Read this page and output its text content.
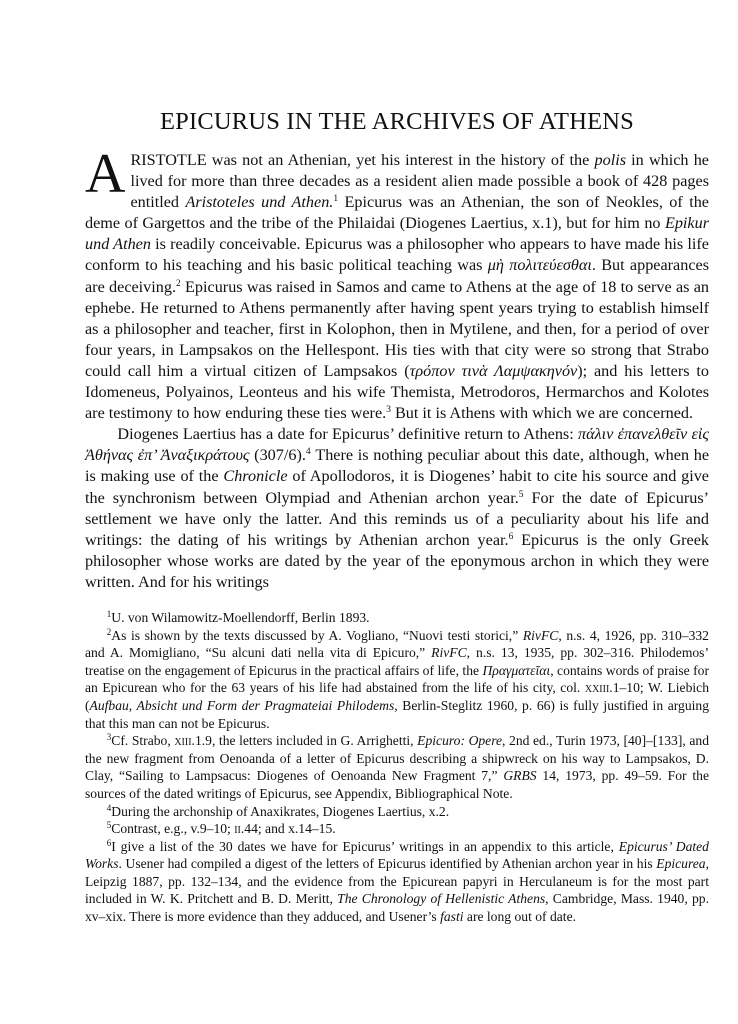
EPICURUS IN THE ARCHIVES OF ATHENS

ARISTOTLE was not an Athenian, yet his interest in the history of the polis in which he lived for more than three decades as a resident alien made possible a book of 428 pages entitled Aristoteles und Athen.$^1$ Epicurus was an Athenian, the son of Neokles, of the deme of Gargettos and the tribe of the Philaidai (Diogenes Laertius, x.1), but for him no Epikur und Athen is readily conceivable. Epicurus was a philosopher who appears to have made his life conform to his teaching and his basic political teaching was μὴ πολιτεύεσθαι. But appearances are deceiving.$^2$ Epicurus was raised in Samos and came to Athens at the age of 18 to serve as an ephebe. He returned to Athens permanently after having spent years trying to establish himself as a philosopher and teacher, first in Kolophon, then in Mytilene, and then, for a period of over four years, in Lampsakos on the Hellespont. His ties with that city were so strong that Strabo could call him a virtual citizen of Lampsakos (τρόπον τινὰ Λαμψακηνόν); and his letters to Idomeneus, Polyainos, Leonteus and his wife Themista, Metrodoros, Hermarchos and Kolotes are testimony to how enduring these ties were.$^3$ But it is Athens with which we are concerned.

Diogenes Laertius has a date for Epicurus’ definitive return to Athens: πάλιν ἐπανελθεῖν εἰς Ἀθήνας ἐπ’ Ἀναξικράτους (307/6).$^4$ There is nothing peculiar about this date, although, when he is making use of the Chronicle of Apollodoros, it is Diogenes’ habit to cite his source and give the synchronism between Olympiad and Athenian archon year.$^5$ For the date of Epicurus’ settlement we have only the latter. And this reminds us of a peculiarity about his life and writings: the dating of his writings by Athenian archon year.$^6$ Epicurus is the only Greek philosopher whose works are dated by the year of the eponymous archon in which they were written. And for his writings

$^1$U. von Wilamowitz-Moellendorff, Berlin 1893.

$^2$As is shown by the texts discussed by A. Vogliano, “Nuovi testi storici,” RivFC, n.s. 4, 1926, pp. 310–332 and A. Momigliano, “Su alcuni dati nella vita di Epicuro,” RivFC, n.s. 13, 1935, pp. 302–316. Philodemos’ treatise on the engagement of Epicurus in the practical affairs of life, the Πραγματεῖαι, contains words of praise for an Epicurean who for the 63 years of his life had abstained from the life of his city, col. xxiii.1–10; W. Liebich (Aufbau, Absicht und Form der Pragmateiai Philodems, Berlin-Steglitz 1960, p. 66) is fully justified in arguing that this man can not be Epicurus.

$^3$Cf. Strabo, xiii.1.9, the letters included in G. Arrighetti, Epicuro: Opere, 2nd ed., Turin 1973, [40]–[133], and the new fragment from Oenoanda of a letter of Epicurus describing a shipwreck on his way to Lampsakos, D. Clay, “Sailing to Lampsacus: Diogenes of Oenoanda New Fragment 7,” GRBS 14, 1973, pp. 49–59. For the sources of the dated writings of Epicurus, see Appendix, Bibliographical Note.

$^4$During the archonship of Anaxikrates, Diogenes Laertius, x.2.

$^5$Contrast, e.g., v.9–10; ii.44; and x.14–15.

$^6$I give a list of the 30 dates we have for Epicurus’ writings in an appendix to this article, Epicurus’ Dated Works. Usener had compiled a digest of the letters of Epicurus identified by Athenian archon year in his Epicurea, Leipzig 1887, pp. 132–134, and the evidence from the Epicurean papyri in Herculaneum is for the most part included in W. K. Pritchett and B. D. Meritt, The Chronology of Hellenistic Athens, Cambridge, Mass. 1940, pp. xv–xix. There is more evidence than they adduced, and Usener’s fasti are long out of date.
